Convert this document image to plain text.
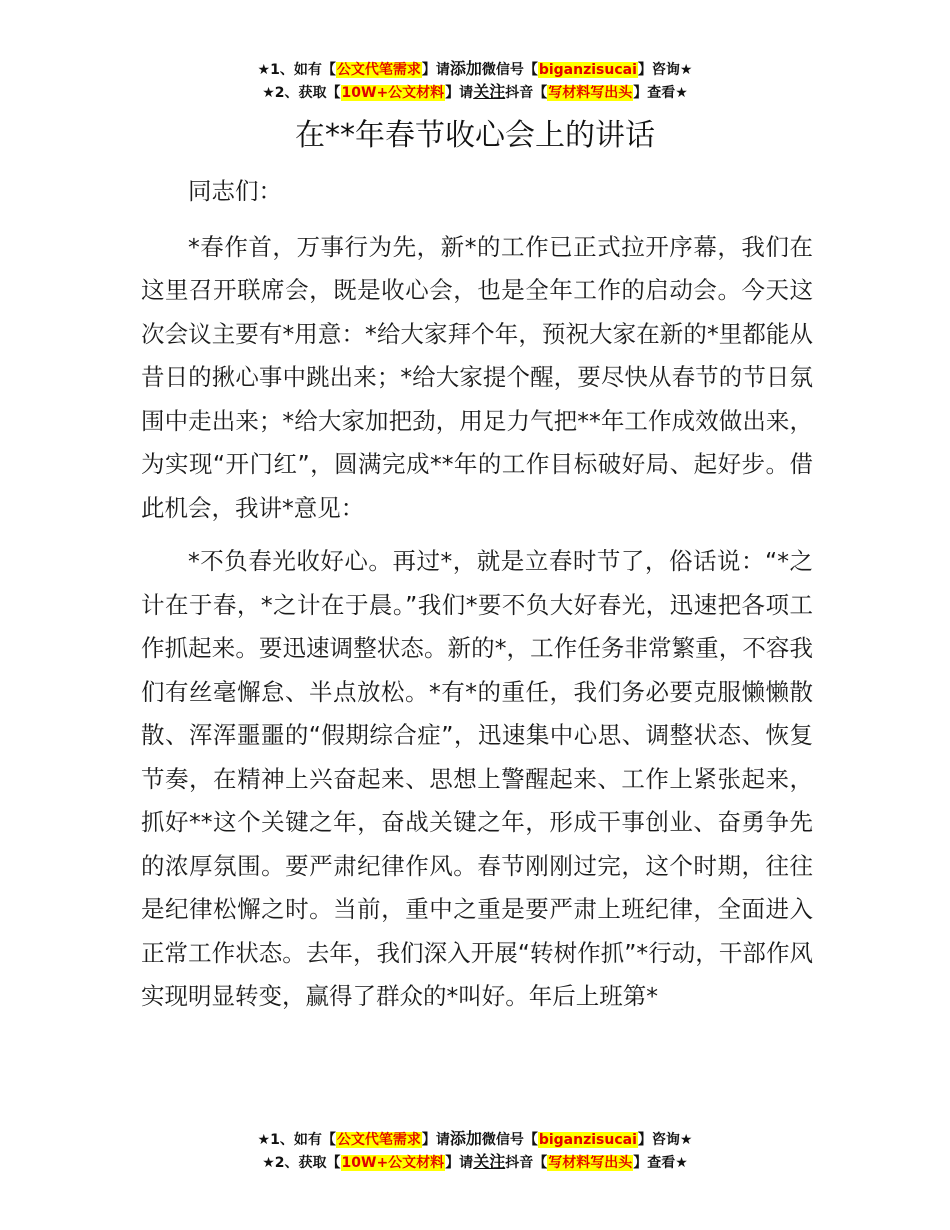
★1、如有【公文代笔需求】请添加微信号【biganzisucai】咨询★
★2、获取【10W+公文材料】请关注抖音【写材料写出头】查看★
在**年春节收心会上的讲话

同志们：

*春作首，万事行为先，新*的工作已正式拉开序幕，我们在这里召开联席会，既是收心会，也是全年工作的启动会。今天这次会议主要有*用意：*给大家拜个年，预祝大家在新的*里都能从昔日的揪心事中跳出来；*给大家提个醒，要尽快从春节的节日氛围中走出来；*给大家加把劲，用足力气把**年工作成效做出来，为实现“开门红”，圆满完成**年的工作目标破好局、起好步。借此机会，我讲*意见：

*不负春光收好心。再过*，就是立春时节了，俗话说：“*之计在于春，*之计在于晨。”我们*要不负大好春光，迅速把各项工作抓起来。要迅速调整状态。新的*，工作任务非常繁重，不容我们有丝毫懈怠、半点放松。*有*的重任，我们务必要克服懒懒散散、浑浑噩噩的“假期综合症”，迅速集中心思、调整状态、恢复节奏，在精神上兴奋起来、思想上警醒起来、工作上紧张起来，抓好**这个关键之年，奋战关键之年，形成干事创业、奋勇争先的浓厚氛围。要严肃纪律作风。春节刚刚过完，这个时期，往往是纪律松懈之时。当前，重中之重是要严肃上班纪律，全面进入正常工作状态。去年，我们深入开展“转树作抓”*行动，干部作风实现明显转变，赢得了群众的*叫好。年后上班第*

★1、如有【公文代笔需求】请添加微信号【biganzisucai】咨询★
★2、获取【10W+公文材料】请关注抖音【写材料写出头】查看★
